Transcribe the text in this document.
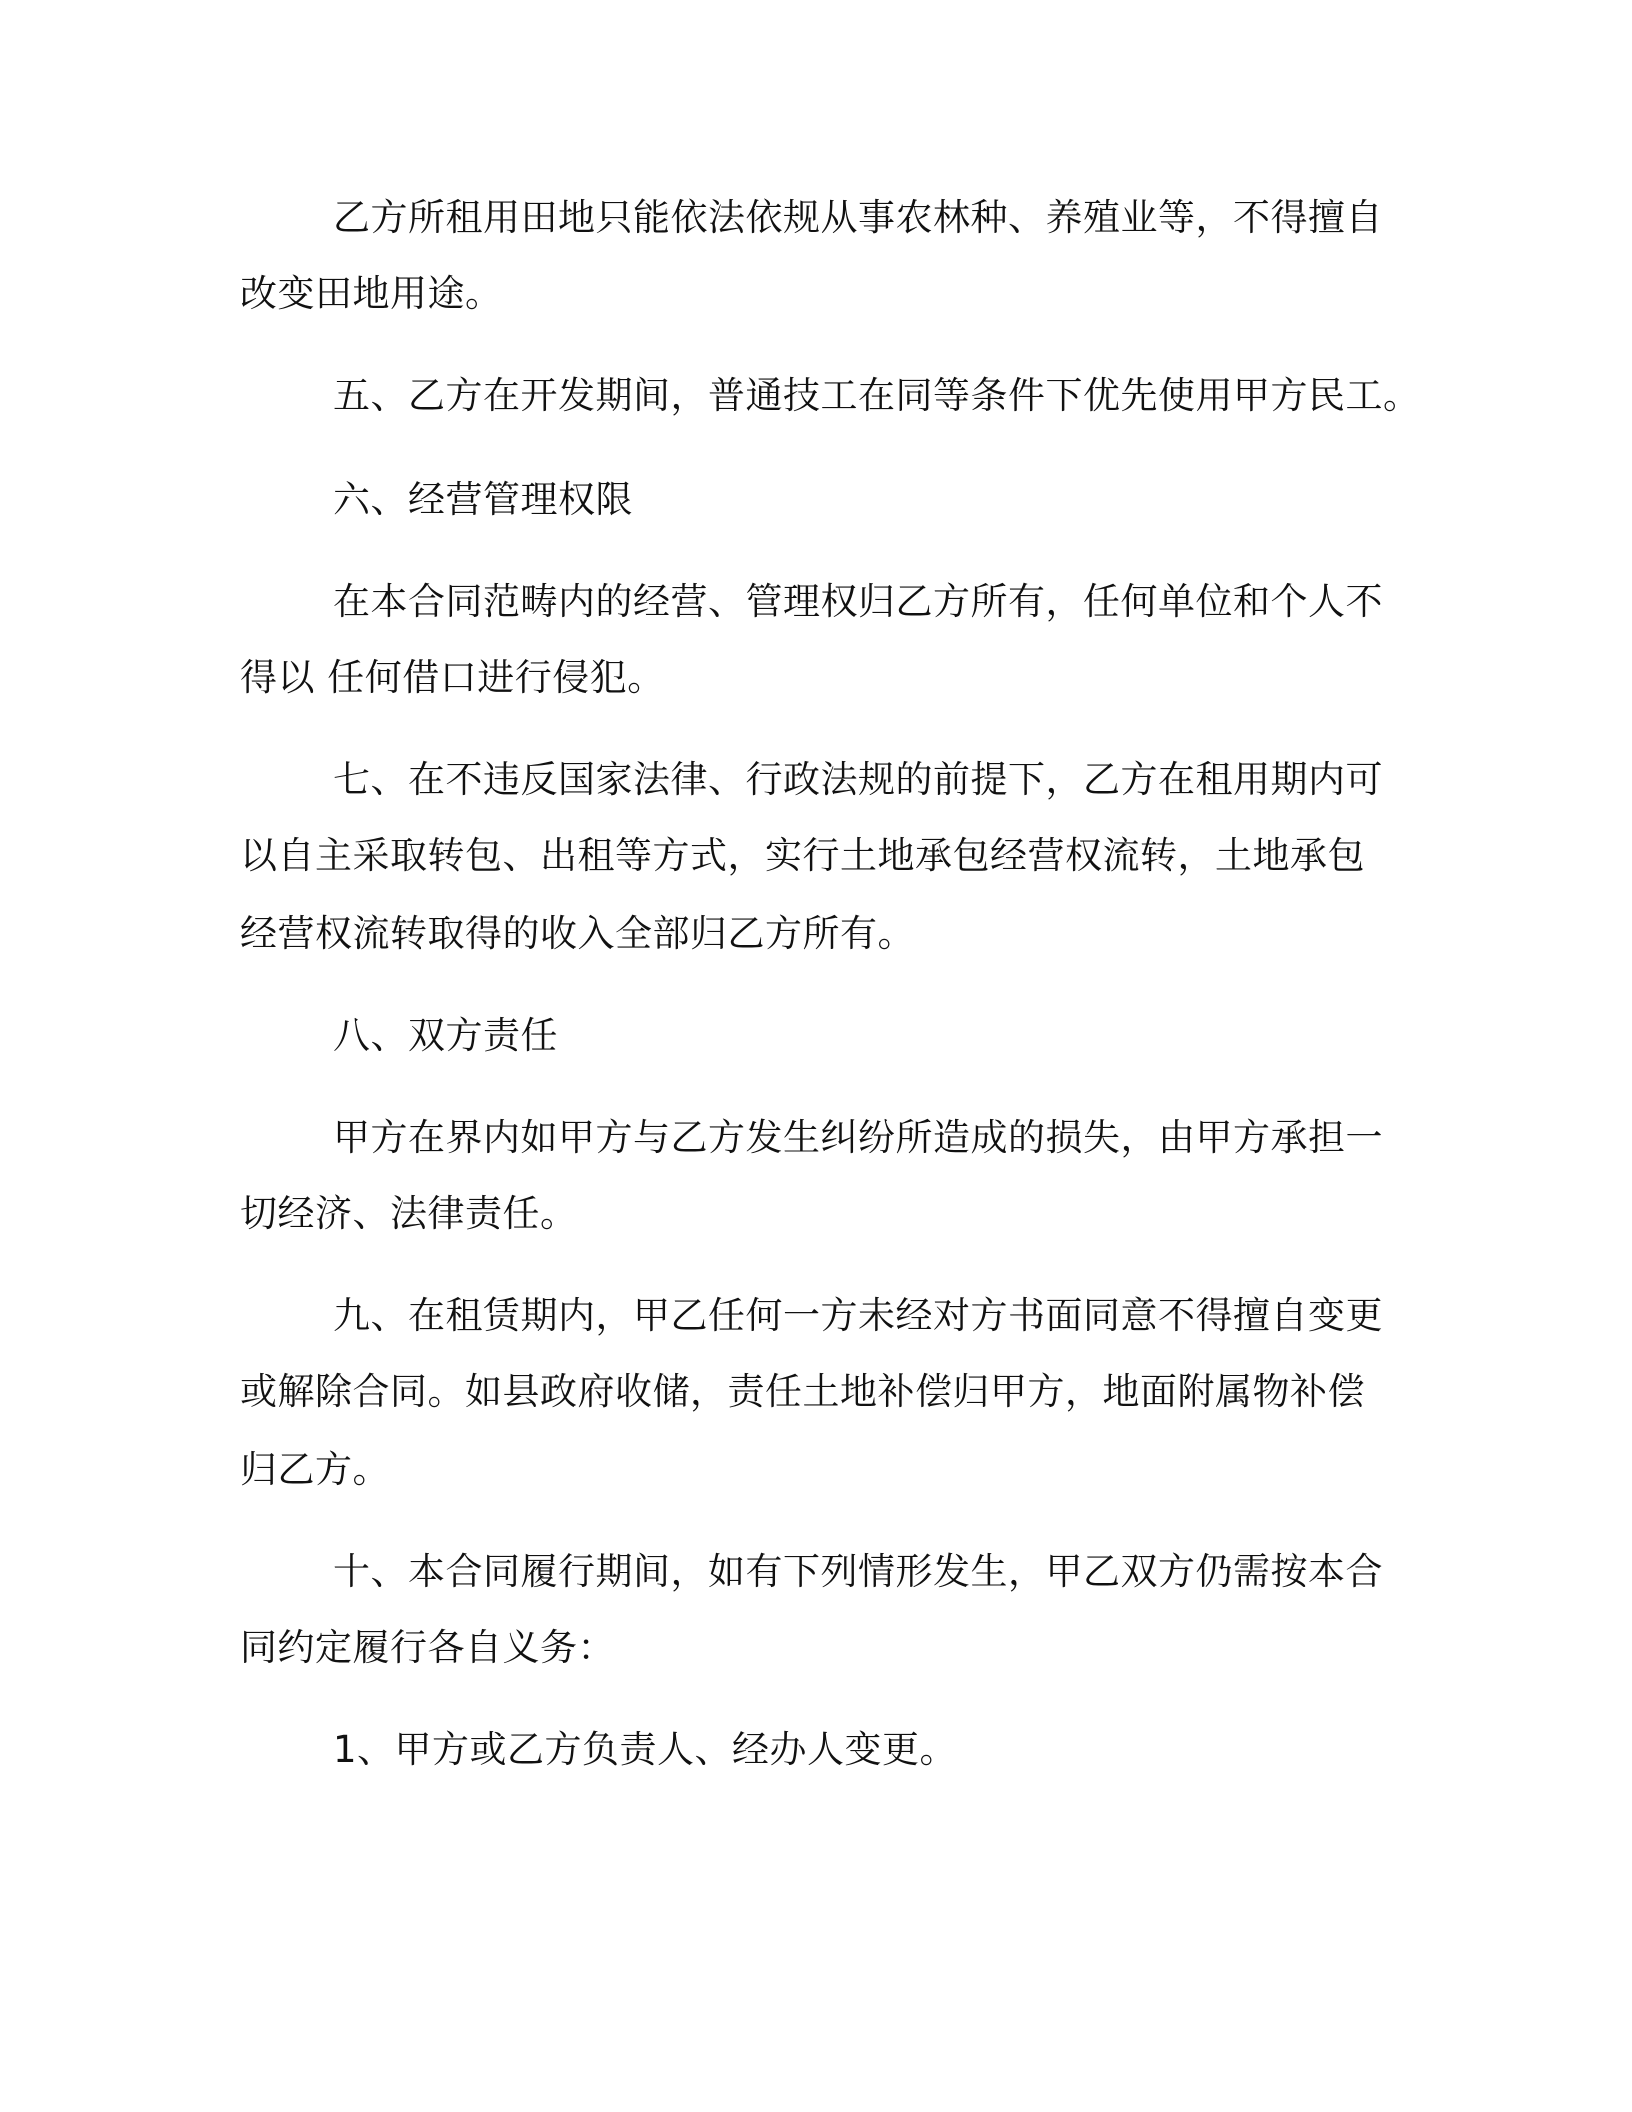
乙方所租用田地只能依法依规从事农林种、养殖业等，不得擅自
改变田地用途。
五、乙方在开发期间，普通技工在同等条件下优先使用甲方民工。
六、经营管理权限
在本合同范畴内的经营、管理权归乙方所有，任何单位和个人不
得以 任何借口进行侵犯。
七、在不违反国家法律、行政法规的前提下，乙方在租用期内可
以自主采取转包、出租等方式，实行土地承包经营权流转，土地承包
经营权流转取得的收入全部归乙方所有。
八、双方责任
甲方在界内如甲方与乙方发生纠纷所造成的损失，由甲方承担一
切经济、法律责任。
九、在租赁期内，甲乙任何一方未经对方书面同意不得擅自变更
或解除合同。如县政府收储，责任土地补偿归甲方，地面附属物补偿
归乙方。
十、本合同履行期间，如有下列情形发生，甲乙双方仍需按本合
同约定履行各自义务：
1、甲方或乙方负责人、经办人变更。
